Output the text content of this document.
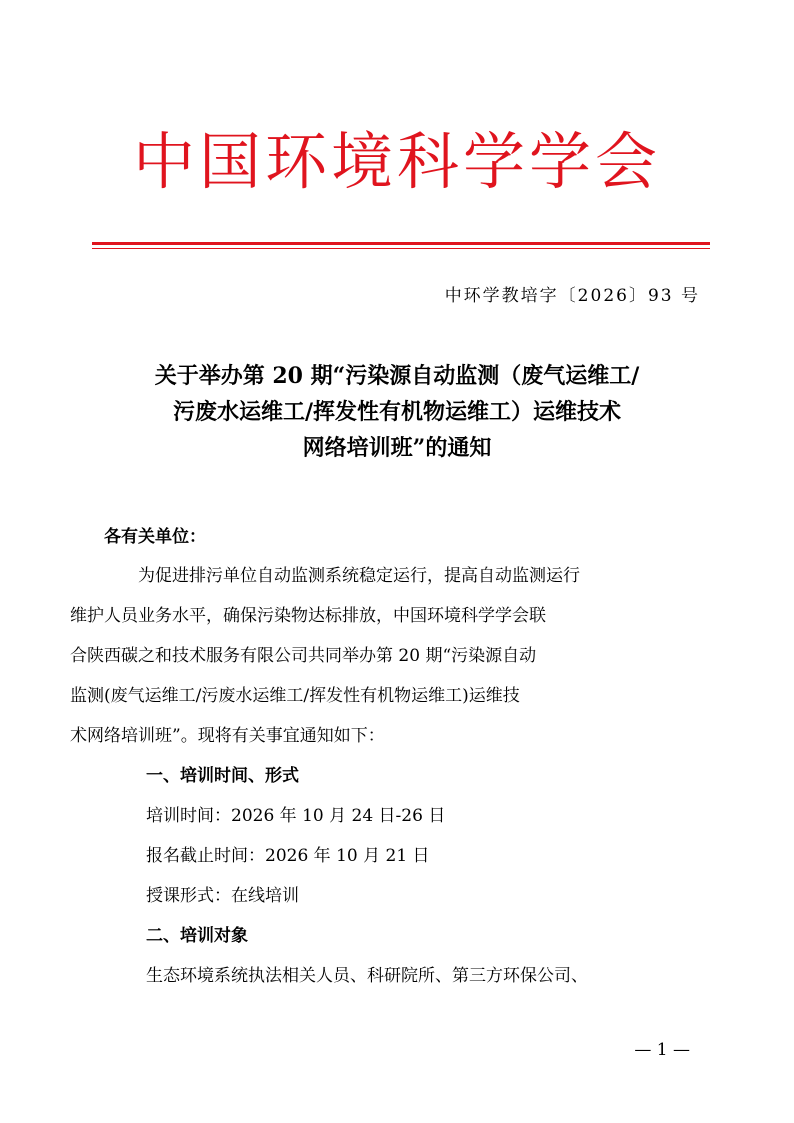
中国环境科学学会
中环学教培字〔2026〕93 号
关于举办第 20 期“污染源自动监测（废气运维工/
污废水运维工/挥发性有机物运维工）运维技术
网络培训班”的通知

各有关单位：

为促进排污单位自动监测系统稳定运行，提高自动监测运行
维护人员业务水平，确保污染物达标排放，中国环境科学学会联
合陕西碳之和技术服务有限公司共同举办第 20 期“污染源自动
监测(废气运维工/污废水运维工/挥发性有机物运维工)运维技
术网络培训班”。现将有关事宜通知如下：

一、培训时间、形式

培训时间：2026 年 10 月 24 日-26 日

报名截止时间：2026 年 10 月 21 日

授课形式：在线培训

二、培训对象

生态环境系统执法相关人员、科研院所、第三方环保公司、

— 1 —
